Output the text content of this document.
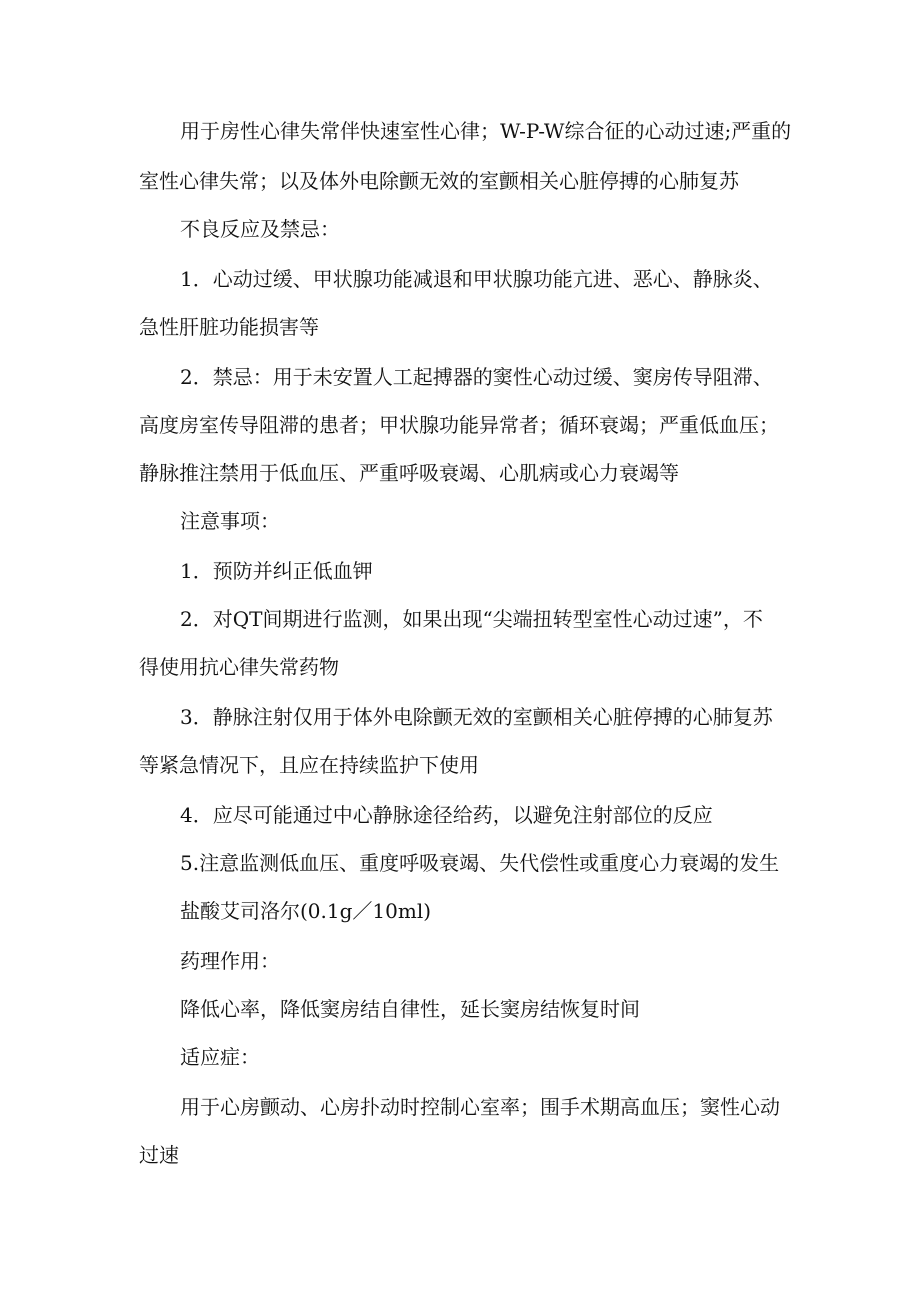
用于房性心律失常伴快速室性心律；W-P-W综合征的心动过速;严重的
室性心律失常；以及体外电除颤无效的室颤相关心脏停搏的心肺复苏
不良反应及禁忌：
1．心动过缓、甲状腺功能减退和甲状腺功能亢进、恶心、静脉炎、
急性肝脏功能损害等
2．禁忌：用于未安置人工起搏器的窦性心动过缓、窦房传导阻滞、
高度房室传导阻滞的患者；甲状腺功能异常者；循环衰竭；严重低血压；
静脉推注禁用于低血压、严重呼吸衰竭、心肌病或心力衰竭等
注意事项：
1．预防并纠正低血钾
2．对QT间期进行监测，如果出现“尖端扭转型室性心动过速”，不
得使用抗心律失常药物
3．静脉注射仅用于体外电除颤无效的室颤相关心脏停搏的心肺复苏
等紧急情况下，且应在持续监护下使用
4．应尽可能通过中心静脉途径给药，以避免注射部位的反应
5.注意监测低血压、重度呼吸衰竭、失代偿性或重度心力衰竭的发生
盐酸艾司洛尔(0.1g／10ml)
药理作用：
降低心率，降低窦房结自律性，延长窦房结恢复时间
适应症：
用于心房颤动、心房扑动时控制心室率；围手术期高血压；窦性心动
过速
